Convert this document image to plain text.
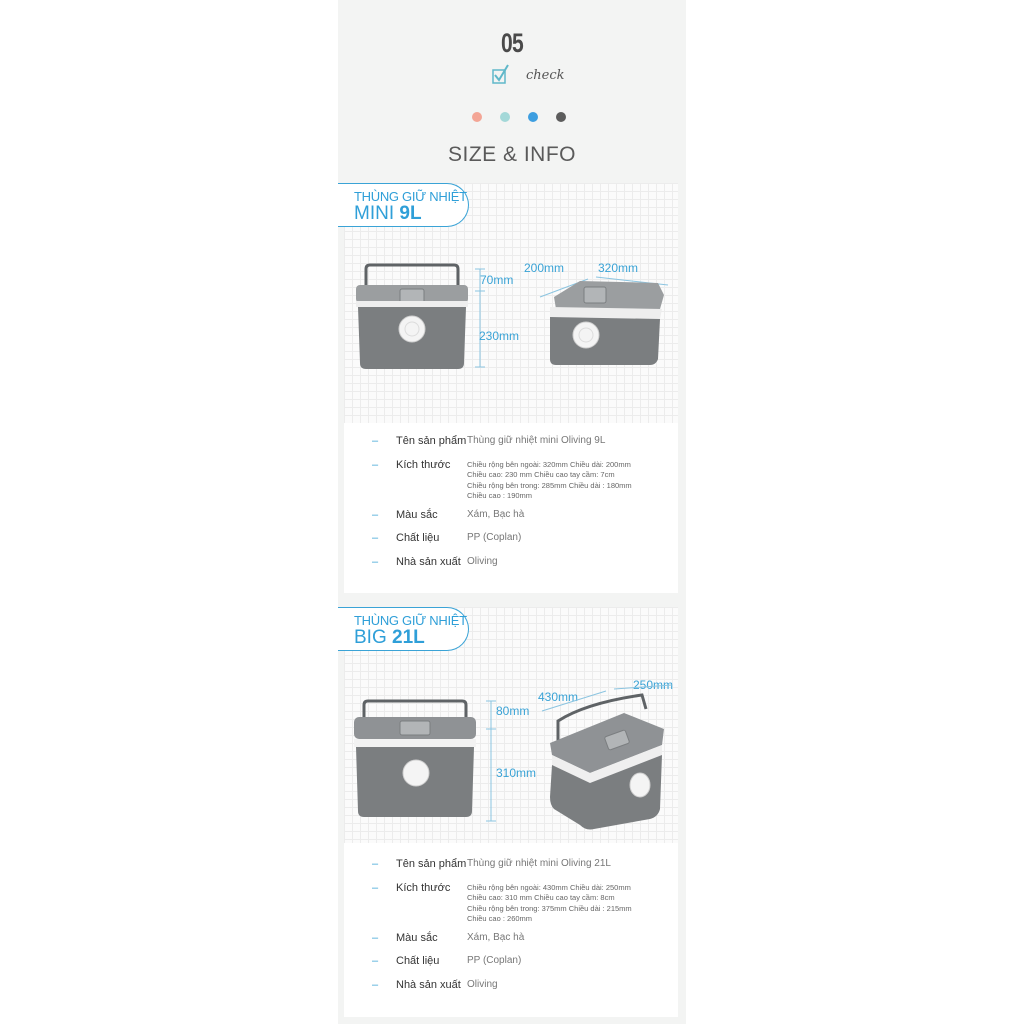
05
check
SIZE & INFO
70mm
230mm
200mm	320mm
THÙNG GIỮ NHIỆT
MINI 9L
– Tên sản phẩm Thùng giữ nhiệt mini Oliving 9L
– Kích thước	Chiều rộng bên ngoài: 320mm Chiều dài: 200mm
Chiều cao: 230 mm Chiều cao tay cầm: 7cm
Chiều rộng bên trong: 285mm Chiều dài : 180mm
Chiều cao : 190mm
– Màu sắc	Xám, Bạc hà
– Chất liệu	PP (Coplan)
– Nhà sản xuất Oliving
80mm
310mm
430mm
250mm
THÙNG GIỮ NHIỆT
BIG 21L
– Tên sản phẩm Thùng giữ nhiệt mini Oliving 21L
– Kích thước	Chiều rộng bên ngoài: 430mm Chiều dài: 250mm
Chiều cao: 310 mm Chiều cao tay cầm: 8cm
Chiều rộng bên trong: 375mm Chiều dài : 215mm
Chiều cao : 260mm
– Màu sắc	Xám, Bạc hà
– Chất liệu	PP (Coplan)
– Nhà sản xuất Oliving
